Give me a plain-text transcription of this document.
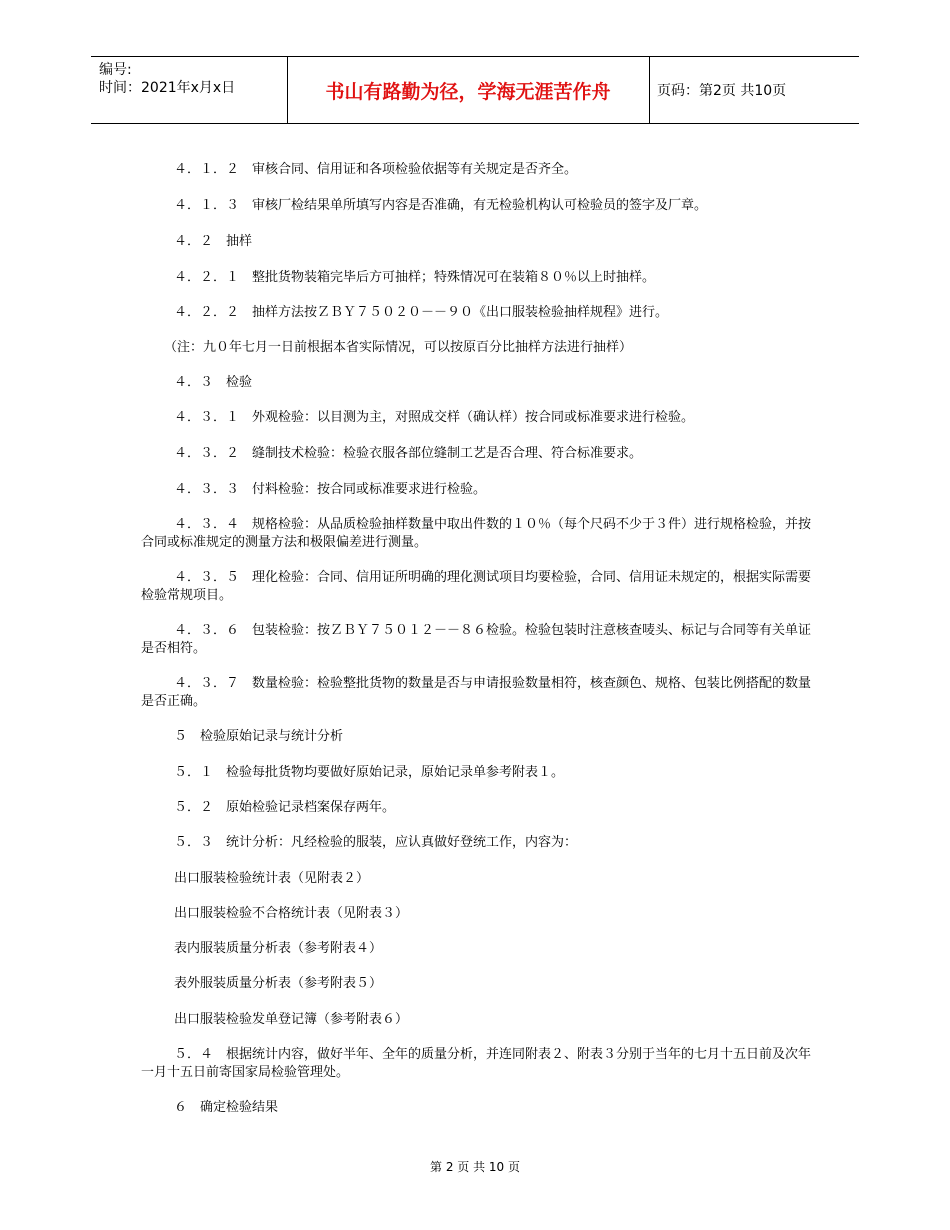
编号:
时间：2021年x月x日	书山有路勤为径，学海无涯苦作舟	页码：第2页 共10页
４．１．２　审核合同、信用证和各项检验依据等有关规定是否齐全。
４．１．３　审核厂检结果单所填写内容是否准确，有无检验机构认可检验员的签字及厂章。
４．２　抽样
４．２．１　整批货物装箱完毕后方可抽样；特殊情况可在装箱８０％以上时抽样。
４．２．２　抽样方法按ＺＢＹ７５０２０－－９０《出口服装检验抽样规程》进行。
（注：九０年七月一日前根据本省实际情况，可以按原百分比抽样方法进行抽样）
４．３　检验
４．３．１　外观检验：以目测为主，对照成交样（确认样）按合同或标准要求进行检验。
４．３．２　缝制技术检验：检验衣服各部位缝制工艺是否合理、符合标准要求。
４．３．３　付料检验：按合同或标准要求进行检验。
４．３．４　规格检验：从品质检验抽样数量中取出件数的１０％（每个尺码不少于３件）进行规格检验，并按合同或标准规定的测量方法和极限偏差进行测量。
４．３．５　理化检验：合同、信用证所明确的理化测试项目均要检验，合同、信用证未规定的，根据实际需要检验常规项目。
４．３．６　包装检验：按ＺＢＹ７５０１２－－８６检验。检验包装时注意核查唛头、标记与合同等有关单证是否相符。
４．３．７　数量检验：检验整批货物的数量是否与申请报验数量相符，核查颜色、规格、包装比例搭配的数量是否正确。
５　检验原始记录与统计分析
５．１　检验每批货物均要做好原始记录，原始记录单参考附表１。
５．２　原始检验记录档案保存两年。
５．３　统计分析：凡经检验的服装，应认真做好登统工作，内容为：
出口服装检验统计表（见附表２）
出口服装检验不合格统计表（见附表３）
表内服装质量分析表（参考附表４）
表外服装质量分析表（参考附表５）
出口服装检验发单登记簿（参考附表６）
５．４　根据统计内容，做好半年、全年的质量分析，并连同附表２、附表３分别于当年的七月十五日前及次年一月十五日前寄国家局检验管理处。
６　确定检验结果
第 2 页 共 10 页
